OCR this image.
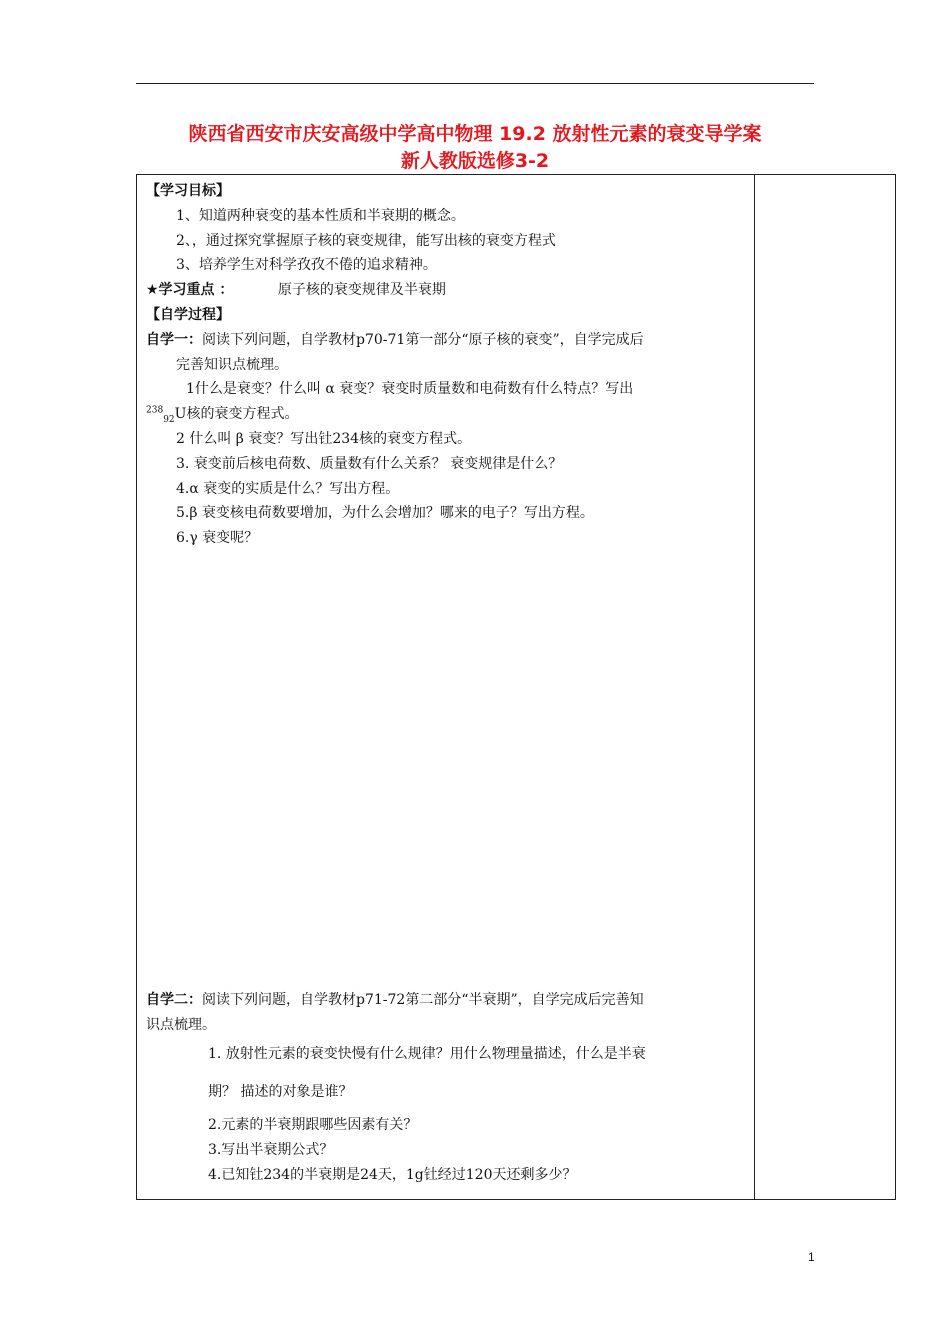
陕西省西安市庆安高级中学高中物理 19.2 放射性元素的衰变导学案
新人教版选修3-2
【学习目标】
1、知道两种衰变的基本性质和半衰期的概念。
2、，通过探究掌握原子核的衰变规律，能写出核的衰变方程式
3、培养学生对科学孜孜不倦的追求精神。
★学习重点 ：	原子核的衰变规律及半衰期
【自学过程】
自学一：阅读下列问题，自学教材p70-71第一部分“原子核的衰变”，自学完成后
完善知识点梳理。
1什么是衰变？什么叫 α 衰变？衰变时质量数和电荷数有什么特点？写出
$^{238}_{92}$U核的衰变方程式。
2 什么叫 β 衰变？写出钍234核的衰变方程式。
3. 衰变前后核电荷数、质量数有什么关系？ 衰变规律是什么？
4.α 衰变的实质是什么？写出方程。
5.β 衰变核电荷数要增加，为什么会增加？哪来的电子？写出方程。
6.γ 衰变呢？
自学二：阅读下列问题，自学教材p71-72第二部分“半衰期”，自学完成后完善知
识点梳理。
1. 放射性元素的衰变快慢有什么规律？用什么物理量描述，什么是半衰
期？ 描述的对象是谁？
2.元素的半衰期跟哪些因素有关？
3.写出半衰期公式？
4.已知钍234的半衰期是24天，1g钍经过120天还剩多少？
1
